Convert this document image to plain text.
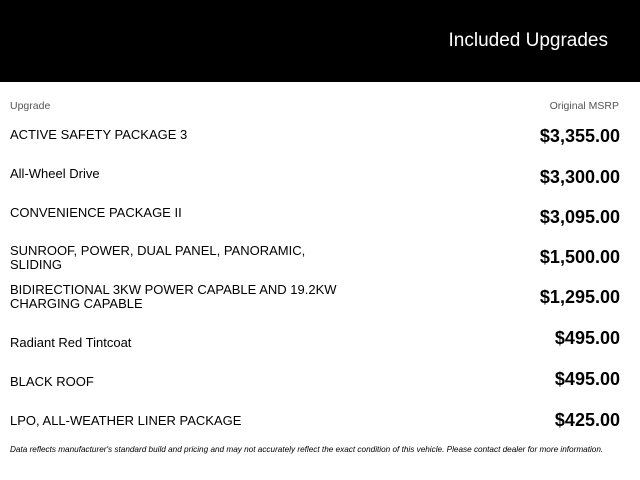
Included Upgrades
Upgrade	Original MSRP
ACTIVE SAFETY PACKAGE 3	$3,355.00
All-Wheel Drive	$3,300.00
CONVENIENCE PACKAGE II	$3,095.00
SUNROOF, POWER, DUAL PANEL, PANORAMIC, SLIDING	$1,500.00
BIDIRECTIONAL 3KW POWER CAPABLE AND 19.2KW CHARGING CAPABLE	$1,295.00
Radiant Red Tintcoat	$495.00
BLACK ROOF	$495.00
LPO, ALL-WEATHER LINER PACKAGE	$425.00
Data reflects manufacturer's standard build and pricing and may not accurately reflect the exact condition of this vehicle. Please contact dealer for more information.
